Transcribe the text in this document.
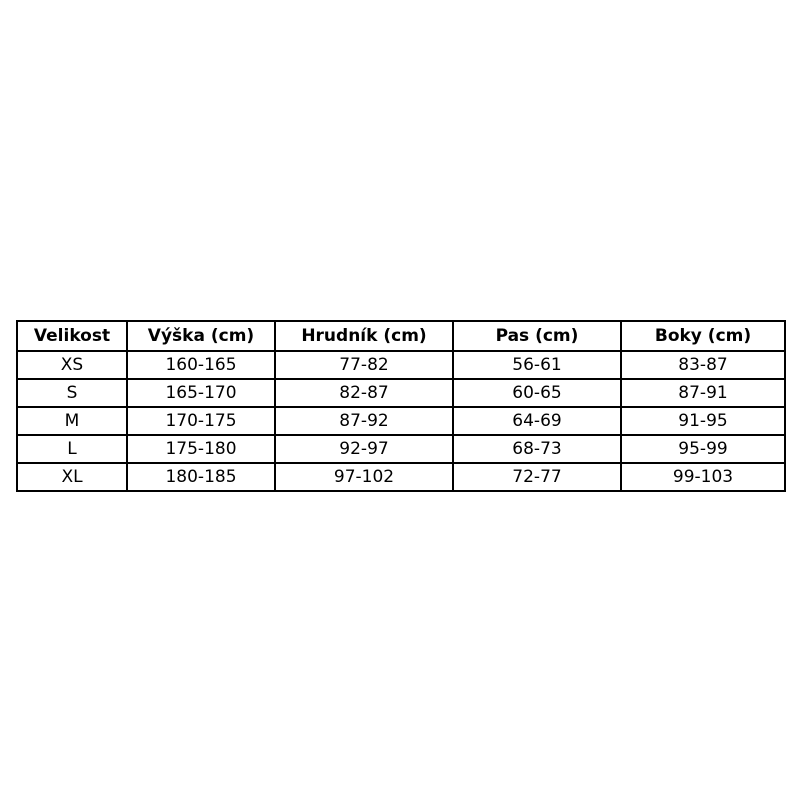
Velikost	Výška (cm)	Hrudník (cm)	Pas (cm)	Boky (cm)
XS	160-165	77-82	56-61	83-87
S	165-170	82-87	60-65	87-91
M	170-175	87-92	64-69	91-95
L	175-180	92-97	68-73	95-99
XL	180-185	97-102	72-77	99-103
